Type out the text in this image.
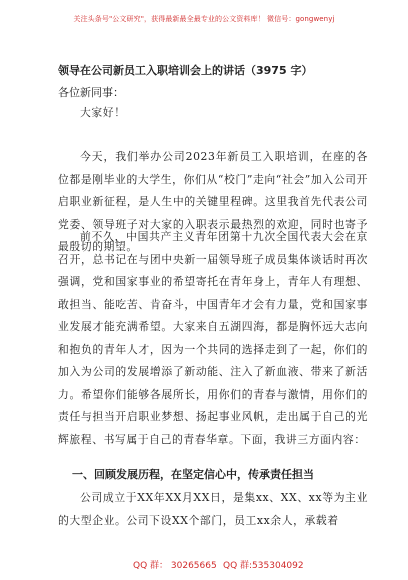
关注头条号"公文研究"，获得最新最全最专业的公文资料库！ 微信号：gongwenyj
领导在公司新员工入职培训会上的讲话（3975 字）
各位新同事：

大家好！

今天，我们举办公司2023年新员工入职培训，在座的各位都是刚毕业的大学生，你们从“校门”走向“社会”加入公司开启职业新征程，是人生中的关键里程碑。这里我首先代表公司党委、领导班子对大家的入职表示最热烈的欢迎，同时也寄予最殷切的期望。

前不久，中国共产主义青年团第十九次全国代表大会在京召开，总书记在与团中央新一届领导班子成员集体谈话时再次强调，党和国家事业的希望寄托在青年身上，青年人有理想、敢担当、能吃苦、肯奋斗，中国青年才会有力量，党和国家事业发展才能充满希望。大家来自五湖四海，都是胸怀远大志向和抱负的青年人才，因为一个共同的选择走到了一起，你们的加入为公司的发展增添了新动能、注入了新血液、带来了新活力。希望你们能够各展所长，用你们的青春与激情，用你们的责任与担当开启职业梦想、扬起事业风帆，走出属于自己的光辉旅程、书写属于自己的青春华章。下面，我讲三方面内容：

一、回顾发展历程，在坚定信心中，传承责任担当

公司成立于XX年XX月XX日，是集xx、XX、xx等为主业的大型企业。公司下设XX个部门，员工xx余人，承载着

QQ 群： 30265665 QQ 群:535304092
